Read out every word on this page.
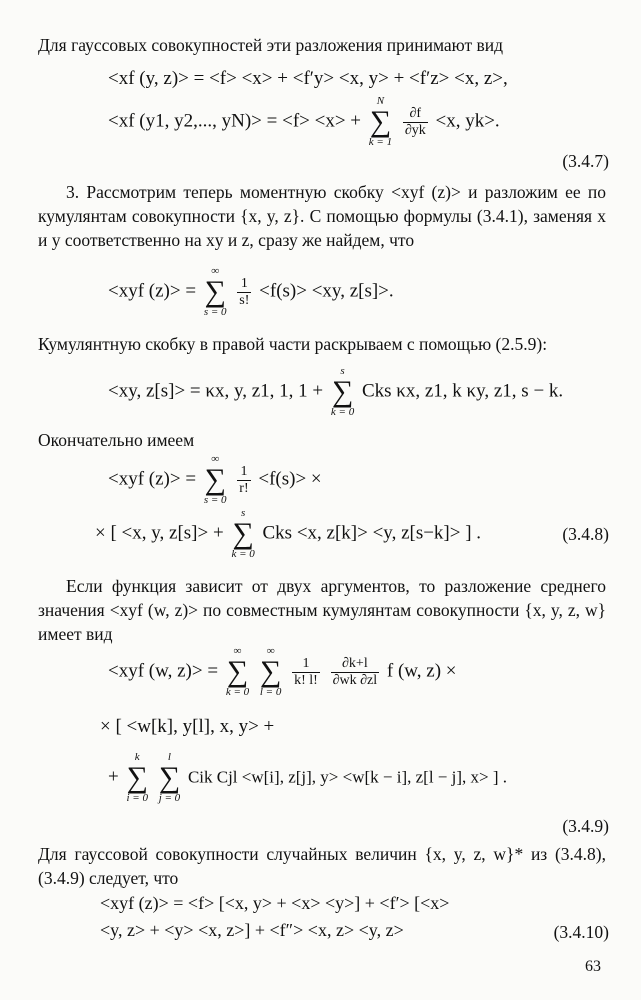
Для гауссовых совокупностей эти разложения принимают вид
<xf (y, z)> = <f> <x> + <f′y> <x, y> + <f′z> <x, z>,
<xf (y1, y2,..., yN)> = <f> <x> +
N
∑
k = 1

$\frac{\partial f}{\partial yk} <x$, yk>.
(3.4.7)
3. Рассмотрим теперь моментную скобку <xyf (z)> и разложим ее по кумулянтам совокупности {x, y, z}. С помощью формулы (3.4.1), заменяя x и y соответственно на xy и z, сразу же найдем, что
<xyf (z)> =
∞
∑
s = 0

$\frac{1}{s!} <f(s)> <xy$, z[s]>.
Кумулянтную скобку в правой части раскрываем с помощью (2.5.9):
<xy, z[s]> = κx, y, z1, 1, 1 +
s
∑
k = 0
Cks κx, z1, k κy, z1, s − k.
Окончательно имеем
<xyf (z)> =
∞
∑
s = 0

$\frac{1}{r!} <f(s)>$ ×
× [ <x, y, z[s]> +
s
∑
k = 0
Cks <x, z[k]> <y, z[s−k]> ] .	(3.4.8)
Если функция зависит от двух аргументов, то разложение среднего значения <xyf (w, z)> по совместным кумулянтам совокупности {x, y, z, w} имеет вид
<xyf (w, z)> =
∞
∑
k = 0

∞
∑
l = 0

$\frac{1}{k! l!}$
$\frac{\partial k+l}{\partial wk \partial zl}$ f (w, z) ×
× [ <w[k], y[l], x, y> +
+
k
∑
i = 0

l
∑
j = 0
Cik Cjl <w[i], z[j], y> <w[k − i], z[l − j], x> ] .
(3.4.9)
Для гауссовой совокупности случайных величин {x, y, z, w}* из (3.4.8), (3.4.9) следует, что
<xyf (z)> = <f> [<x, y> + <x> <y>] + <f′> [<x>
<y, z> + <y> <x, z>] + <f″> <x, z> <y, z>	(3.4.10)
63
